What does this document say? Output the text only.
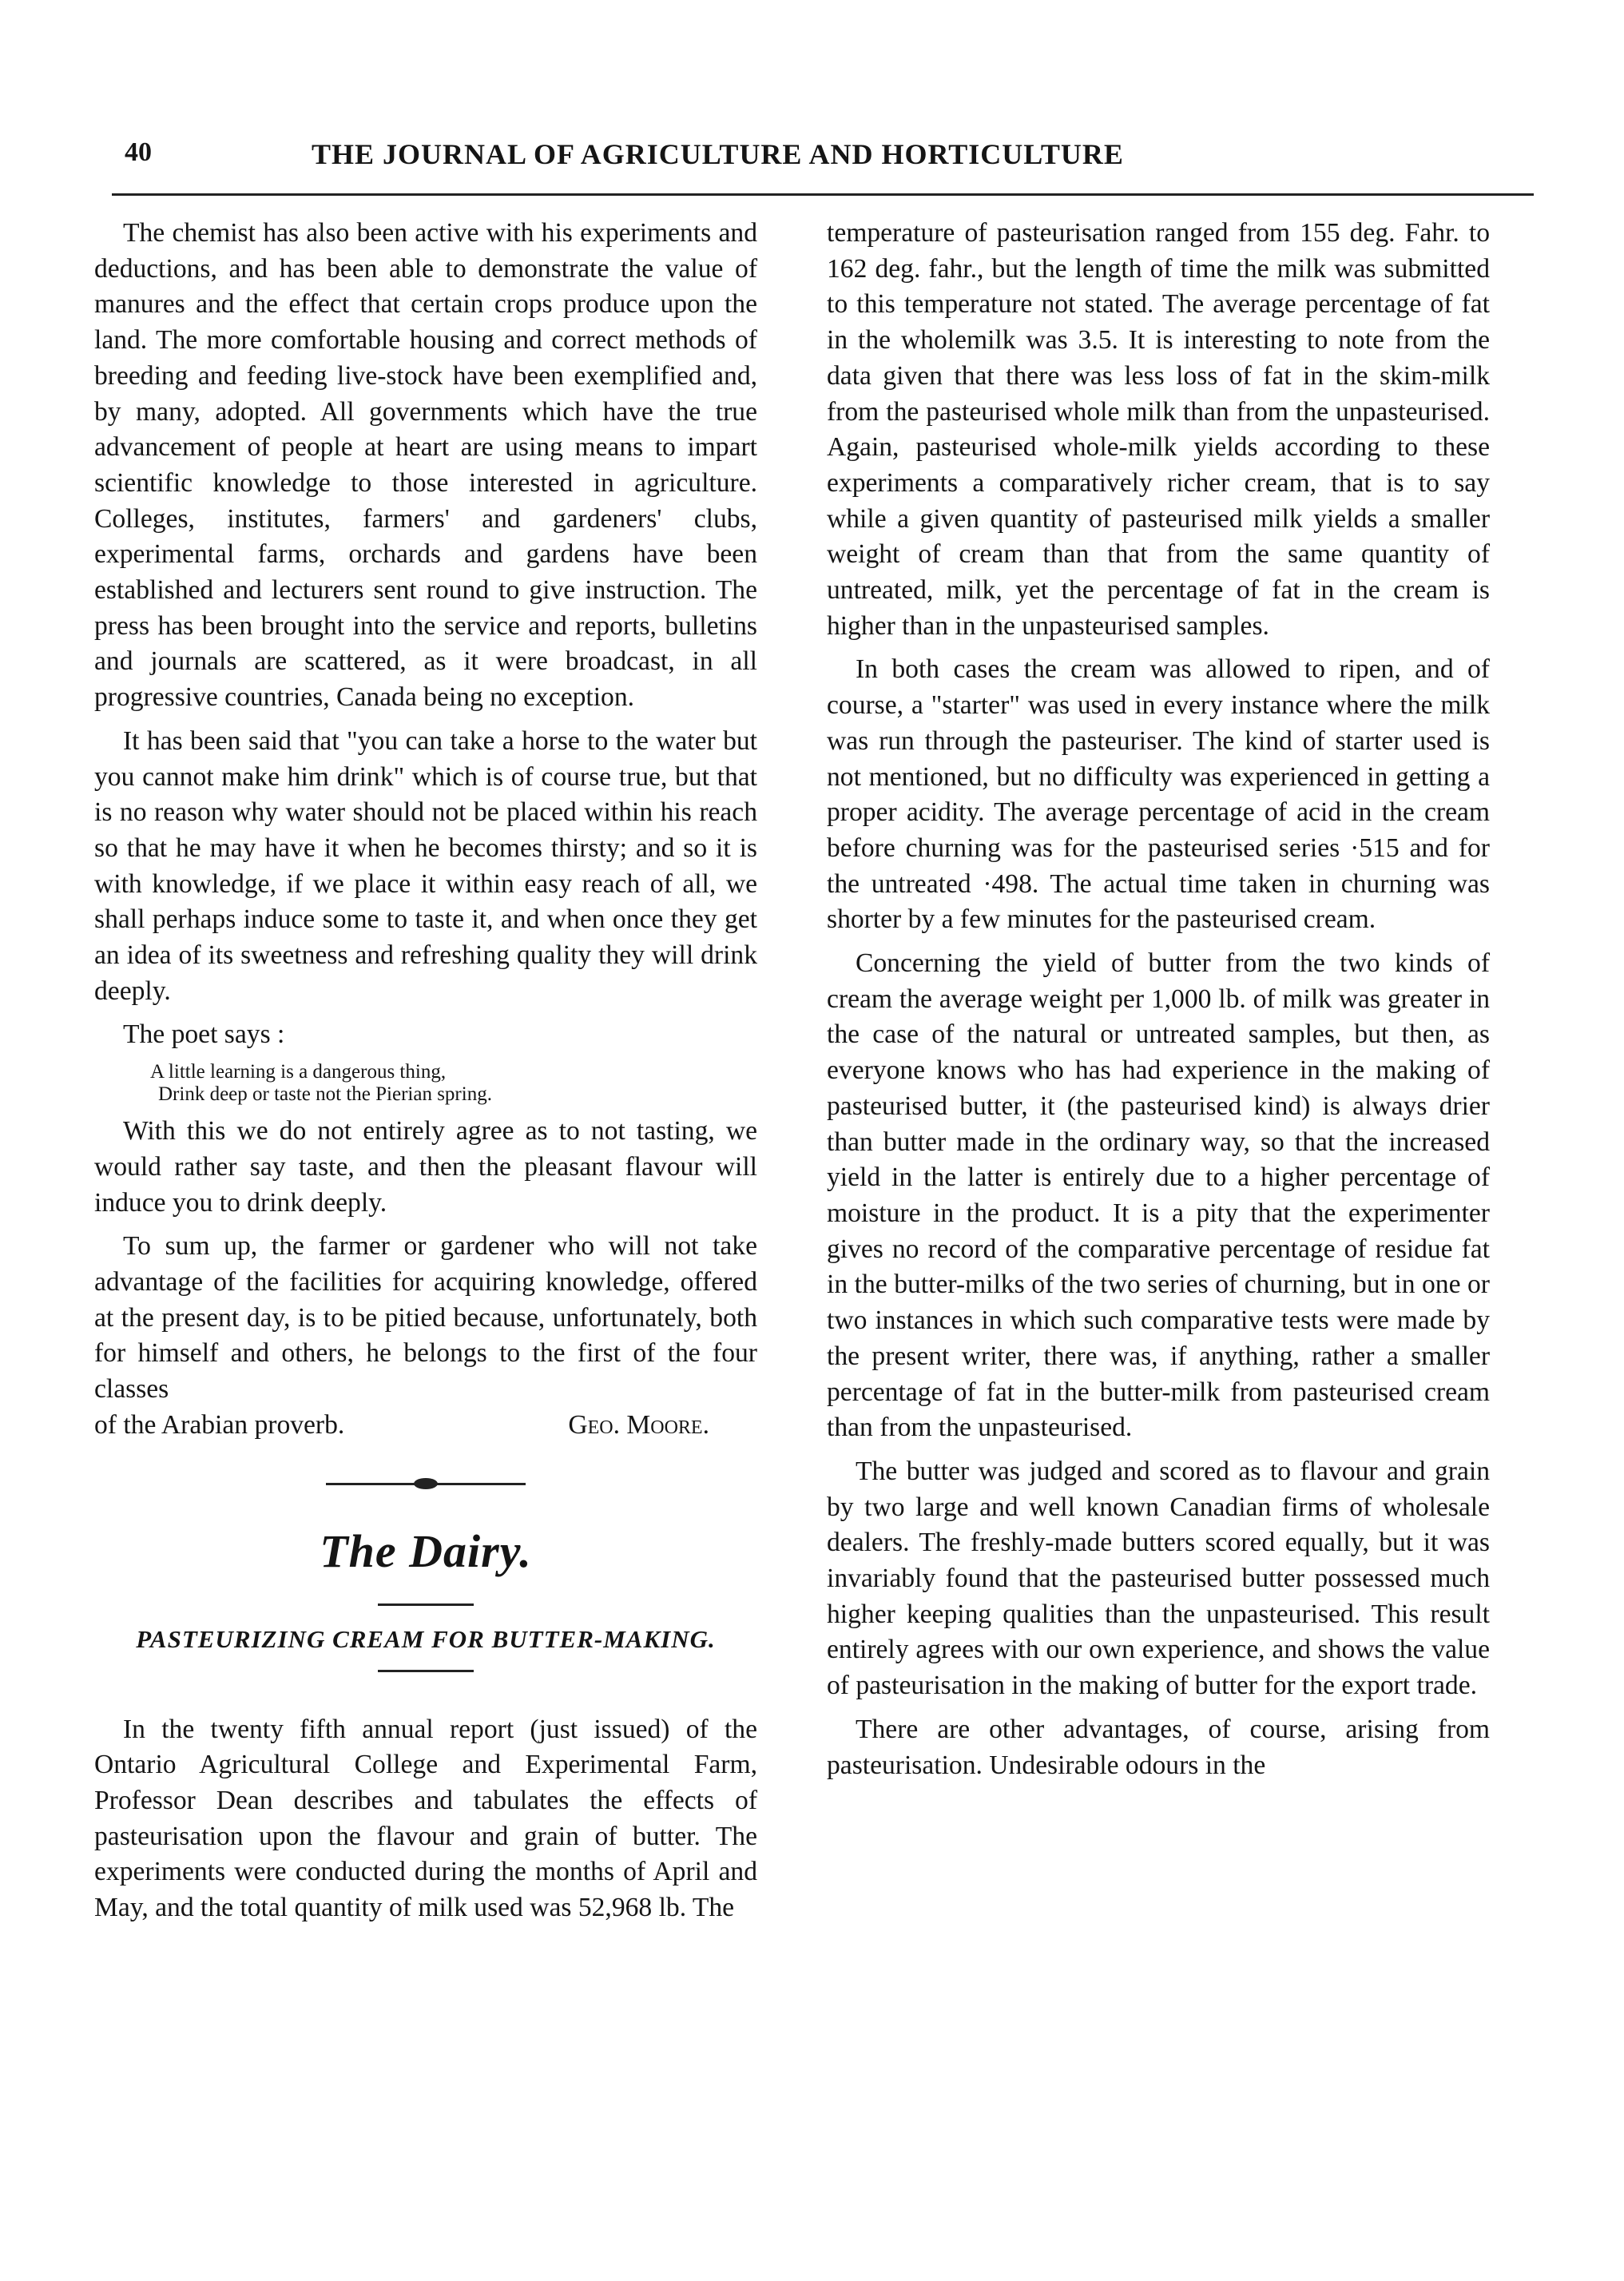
40	THE JOURNAL OF AGRICULTURE AND HORTICULTURE

The chemist has also been active with his experiments and deductions, and has been able to demonstrate the value of manures and the effect that certain crops produce upon the land. The more comfortable housing and correct methods of breeding and feeding live-stock have been exemplified and, by many, adopted. All governments which have the true advancement of people at heart are using means to impart scientific knowledge to those interested in agriculture. Colleges, institutes, farmers' and gardeners' clubs, experimental farms, orchards and gardens have been established and lecturers sent round to give instruction. The press has been brought into the service and reports, bulletins and journals are scattered, as it were broadcast, in all progressive countries, Canada being no exception.

It has been said that "you can take a horse to the water but you cannot make him drink" which is of course true, but that is no reason why water should not be placed within his reach so that he may have it when he becomes thirsty; and so it is with knowledge, if we place it within easy reach of all, we shall perhaps induce some to taste it, and when once they get an idea of its sweetness and refreshing quality they will drink deeply.

The poet says :

A little learning is a dangerous thing,
Drink deep or taste not the Pierian spring.

With this we do not entirely agree as to not tasting, we would rather say taste, and then the pleasant flavour will induce you to drink deeply.

To sum up, the farmer or gardener who will not take advantage of the facilities for acquiring knowledge, offered at the present day, is to be pitied because, unfortunately, both for himself and others, he belongs to the first of the four classes

of the Arabian proverb.	Geo. Moore.
The Dairy.
PASTEURIZING CREAM FOR BUTTER-MAKING.

In the twenty fifth annual report (just issued) of the Ontario Agricultural College and Experimental Farm, Professor Dean describes and tabulates the effects of pasteurisation upon the flavour and grain of butter. The experiments were conducted during the months of April and May, and the total quantity of milk used was 52,968 lb. The

temperature of pasteurisation ranged from 155 deg. Fahr. to 162 deg. fahr., but the length of time the milk was submitted to this temperature not stated. The average percentage of fat in the wholemilk was 3.5. It is interesting to note from the data given that there was less loss of fat in the skim-milk from the pasteurised whole milk than from the unpasteurised. Again, pasteurised whole-milk yields according to these experiments a comparatively richer cream, that is to say while a given quantity of pasteurised milk yields a smaller weight of cream than that from the same quantity of untreated, milk, yet the percentage of fat in the cream is higher than in the unpasteurised samples.

In both cases the cream was allowed to ripen, and of course, a "starter" was used in every instance where the milk was run through the pasteuriser. The kind of starter used is not mentioned, but no difficulty was experienced in getting a proper acidity. The average percentage of acid in the cream before churning was for the pasteurised series ·515 and for the untreated ·498. The actual time taken in churning was shorter by a few minutes for the pasteurised cream.

Concerning the yield of butter from the two kinds of cream the average weight per 1,000 lb. of milk was greater in the case of the natural or untreated samples, but then, as everyone knows who has had experience in the making of pasteurised butter, it (the pasteurised kind) is always drier than butter made in the ordinary way, so that the increased yield in the latter is entirely due to a higher percentage of moisture in the product. It is a pity that the experimenter gives no record of the comparative percentage of residue fat in the butter-milks of the two series of churning, but in one or two instances in which such comparative tests were made by the present writer, there was, if anything, rather a smaller percentage of fat in the butter-milk from pasteurised cream than from the unpasteurised.

The butter was judged and scored as to flavour and grain by two large and well known Canadian firms of wholesale dealers. The freshly-made butters scored equally, but it was invariably found that the pasteurised butter possessed much higher keeping qualities than the unpasteurised. This result entirely agrees with our own experience, and shows the value of pasteurisation in the making of butter for the export trade.

There are other advantages, of course, arising from pasteurisation. Undesirable odours in the
